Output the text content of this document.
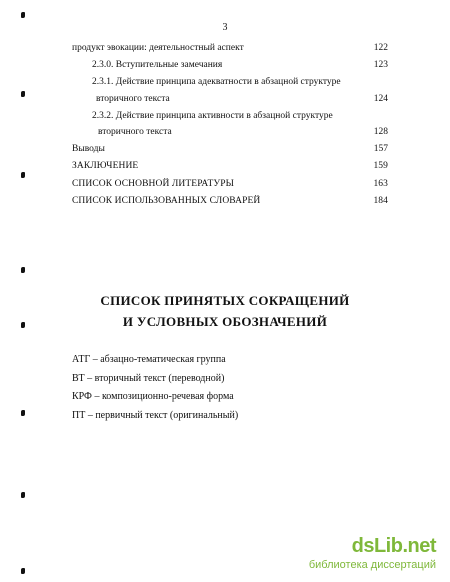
3
продукт эвокации: деятельностный аспект	122
2.3.0. Вступительные замечания	123
2.3.1. Действие принципа адекватности в абзацной структуре
вторичного текста	124
2.3.2. Действие принципа активности в абзацной структуре
вторичного текста	128
Выводы	157
ЗАКЛЮЧЕНИЕ	159
СПИСОК ОСНОВНОЙ ЛИТЕРАТУРЫ	163
СПИСОК ИСПОЛЬЗОВАННЫХ СЛОВАРЕЙ	184
СПИСОК ПРИНЯТЫХ СОКРАЩЕНИЙ
И УСЛОВНЫХ ОБОЗНАЧЕНИЙ
АТГ – абзацно-тематическая группа
ВТ – вторичный текст (переводной)
КРФ – композиционно-речевая форма
ПТ – первичный текст (оригинальный)
dsLib.net
библиотека диссертаций
